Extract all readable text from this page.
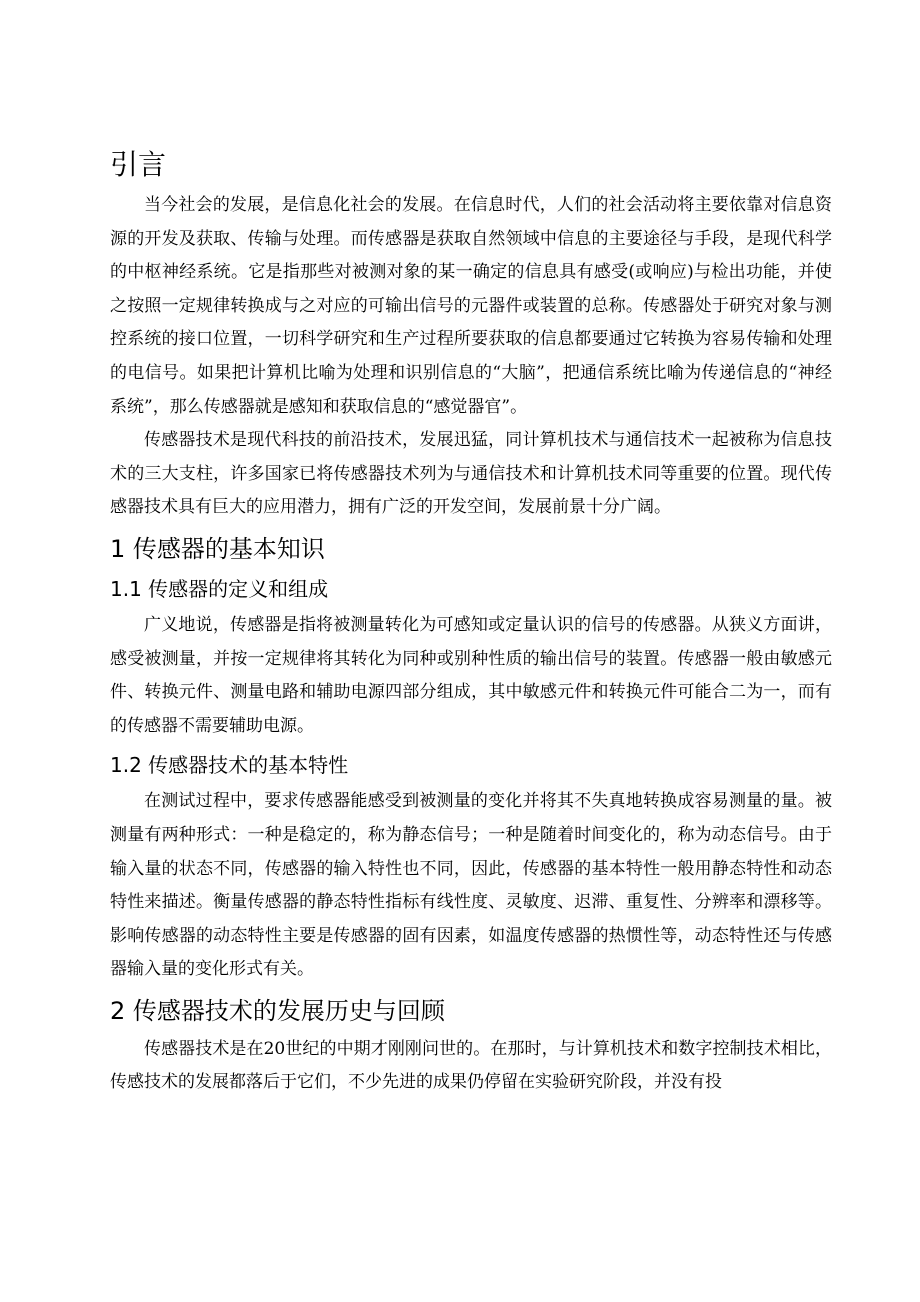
引言

当今社会的发展，是信息化社会的发展。在信息时代，人们的社会活动将主要依靠对信息资源的开发及获取、传输与处理。而传感器是获取自然领域中信息的主要途径与手段，是现代科学的中枢神经系统。它是指那些对被测对象的某一确定的信息具有感受(或响应)与检出功能，并使之按照一定规律转换成与之对应的可输出信号的元器件或装置的总称。传感器处于研究对象与测控系统的接口位置，一切科学研究和生产过程所要获取的信息都要通过它转换为容易传输和处理的电信号。如果把计算机比喻为处理和识别信息的“大脑”，把通信系统比喻为传递信息的“神经系统”，那么传感器就是感知和获取信息的“感觉器官”。

传感器技术是现代科技的前沿技术，发展迅猛，同计算机技术与通信技术一起被称为信息技术的三大支柱，许多国家已将传感器技术列为与通信技术和计算机技术同等重要的位置。现代传感器技术具有巨大的应用潜力，拥有广泛的开发空间，发展前景十分广阔。

1 传感器的基本知识
1.1 传感器的定义和组成

广义地说，传感器是指将被测量转化为可感知或定量认识的信号的传感器。从狭义方面讲，感受被测量，并按一定规律将其转化为同种或别种性质的输出信号的装置。传感器一般由敏感元件、转换元件、测量电路和辅助电源四部分组成，其中敏感元件和转换元件可能合二为一，而有的传感器不需要辅助电源。

1.2 传感器技术的基本特性

在测试过程中，要求传感器能感受到被测量的变化并将其不失真地转换成容易测量的量。被测量有两种形式：一种是稳定的，称为静态信号；一种是随着时间变化的，称为动态信号。由于输入量的状态不同，传感器的输入特性也不同，因此，传感器的基本特性一般用静态特性和动态特性来描述。衡量传感器的静态特性指标有线性度、灵敏度、迟滞、重复性、分辨率和漂移等。影响传感器的动态特性主要是传感器的固有因素，如温度传感器的热惯性等，动态特性还与传感器输入量的变化形式有关。

2 传感器技术的发展历史与回顾

传感器技术是在20世纪的中期才刚刚问世的。在那时，与计算机技术和数字控制技术相比，传感技术的发展都落后于它们，不少先进的成果仍停留在实验研究阶段，并没有投
